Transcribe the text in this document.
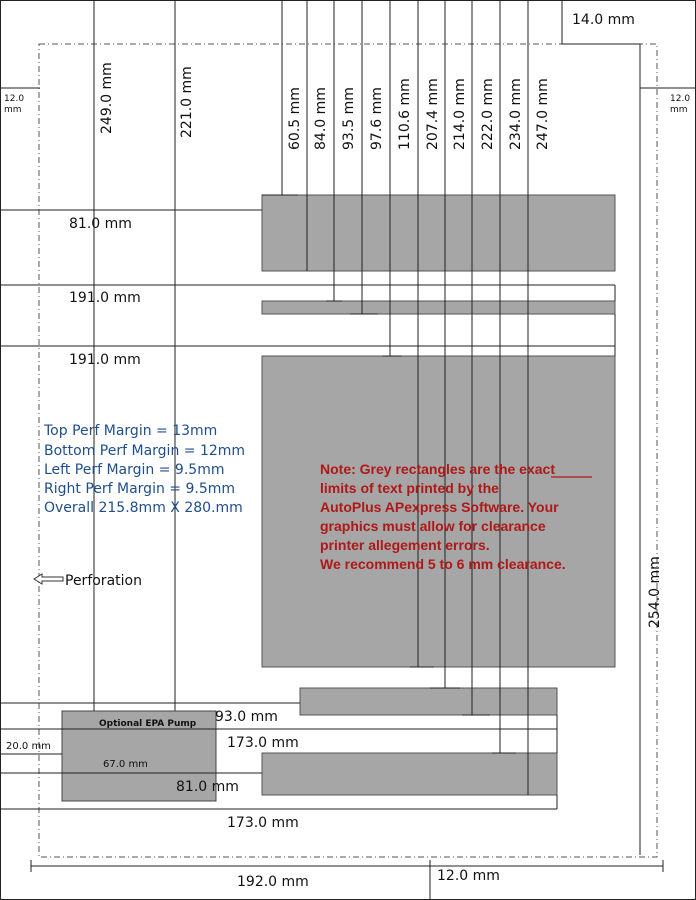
14.0 mm
12.0
mm
12.0
mm
249.0 mm	221.0 mm
Optional EPA Pump
67.0 mm
60.5 mm 84.0 mm 93.5 mm 97.6 mm 110.6 mm 207.4 mm 214.0 mm 222.0 mm 234.0 mm 247.0 mm
81.0 mm
191.0 mm
191.0 mm
93.0 mm
173.0 mm
20.0 mm
81.0 mm
173.0 mm
Top Perf Margin = 13mm
Bottom Perf Margin = 12mm
Left Perf Margin = 9.5mm
Right Perf Margin = 9.5mm
Overall 215.8mm X 280.mm
Perforation
Note: Grey rectangles are the exact
limits of text printed by the
AutoPlus APexpress Software. Your
graphics must allow for clearance
printer allegement errors.
We recommend 5 to 6 mm clearance.	254.0 mm
192.0 mm	12.0 mm
